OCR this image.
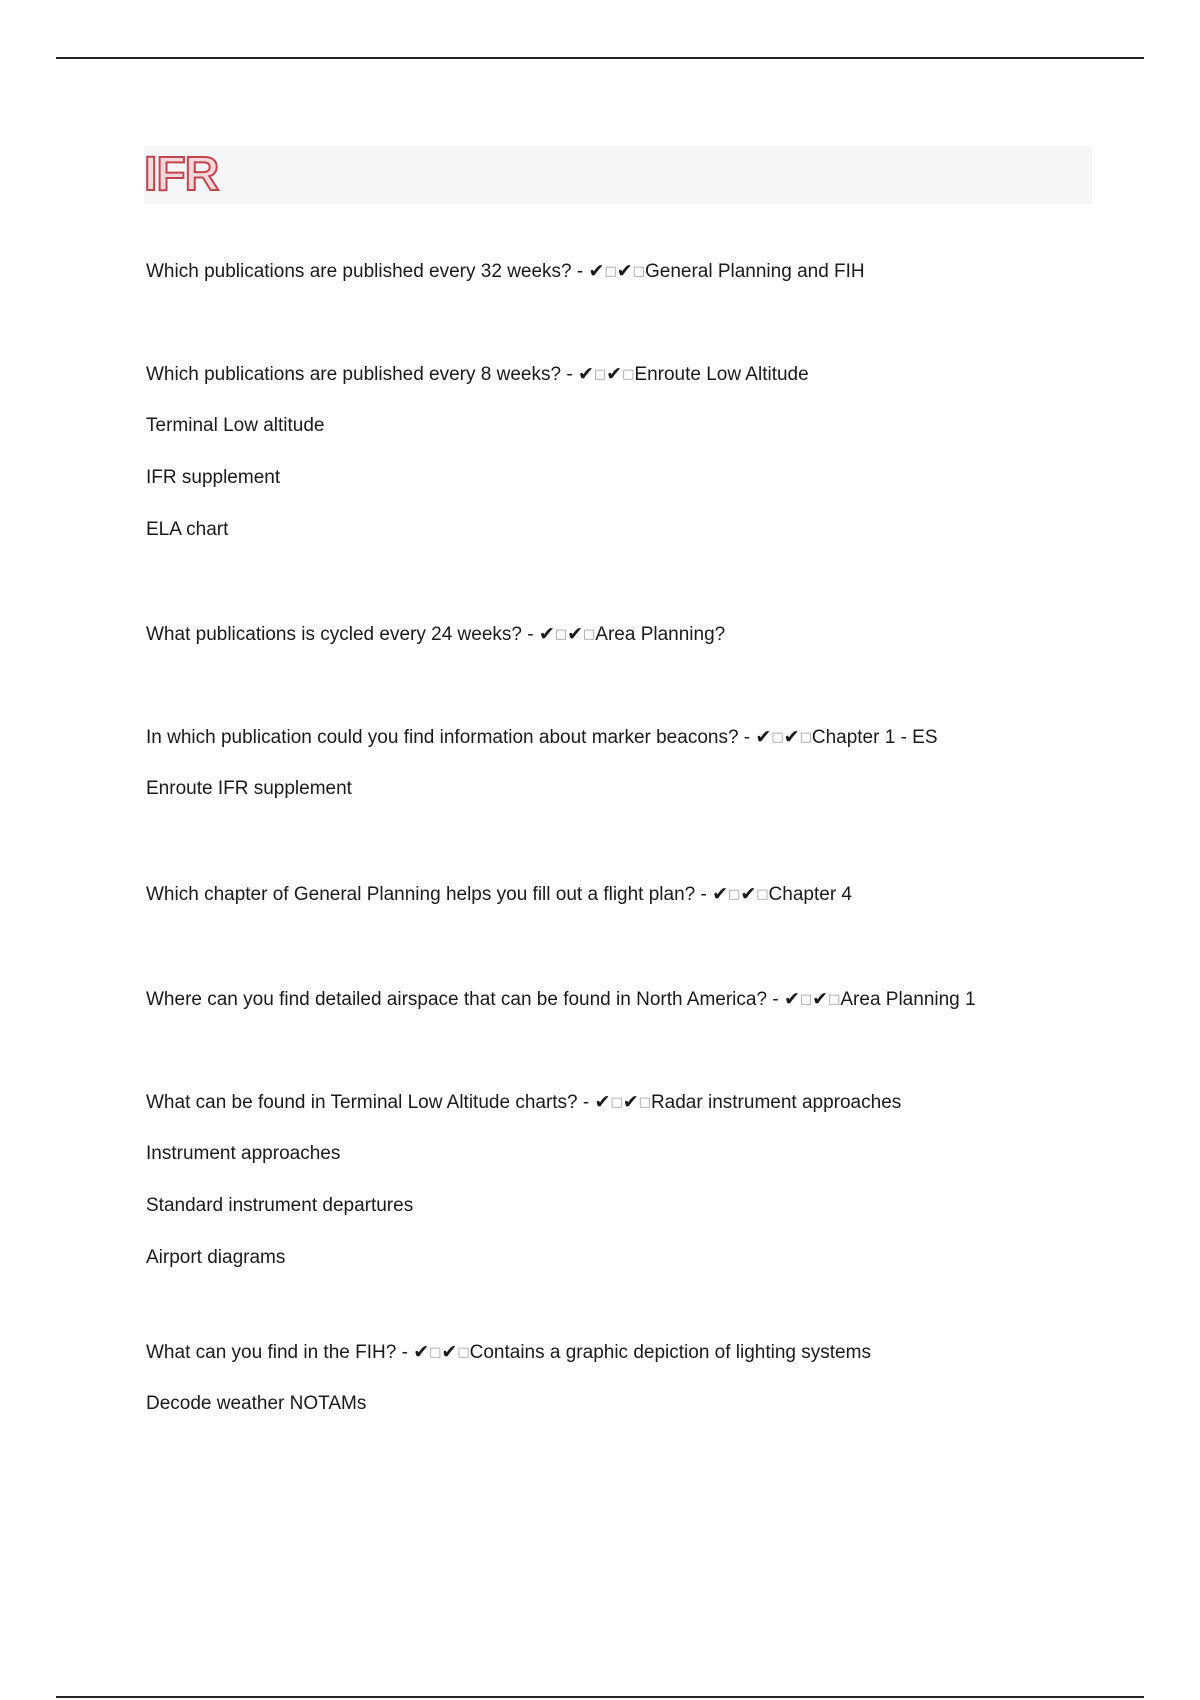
IFR
Which publications are published every 32 weeks? - ✔□✔□General Planning and FIH
Which publications are published every 8 weeks? - ✔□✔□Enroute Low Altitude
Terminal Low altitude
IFR supplement
ELA chart
What publications is cycled every 24 weeks? - ✔□✔□Area Planning?
In which publication could you find information about marker beacons? - ✔□✔□Chapter 1 - ES
Enroute IFR supplement
Which chapter of General Planning helps you fill out a flight plan? - ✔□✔□Chapter 4
Where can you find detailed airspace that can be found in North America? - ✔□✔□Area Planning 1
What can be found in Terminal Low Altitude charts? - ✔□✔□Radar instrument approaches
Instrument approaches
Standard instrument departures
Airport diagrams
What can you find in the FIH? - ✔□✔□Contains a graphic depiction of lighting systems
Decode weather NOTAMs
